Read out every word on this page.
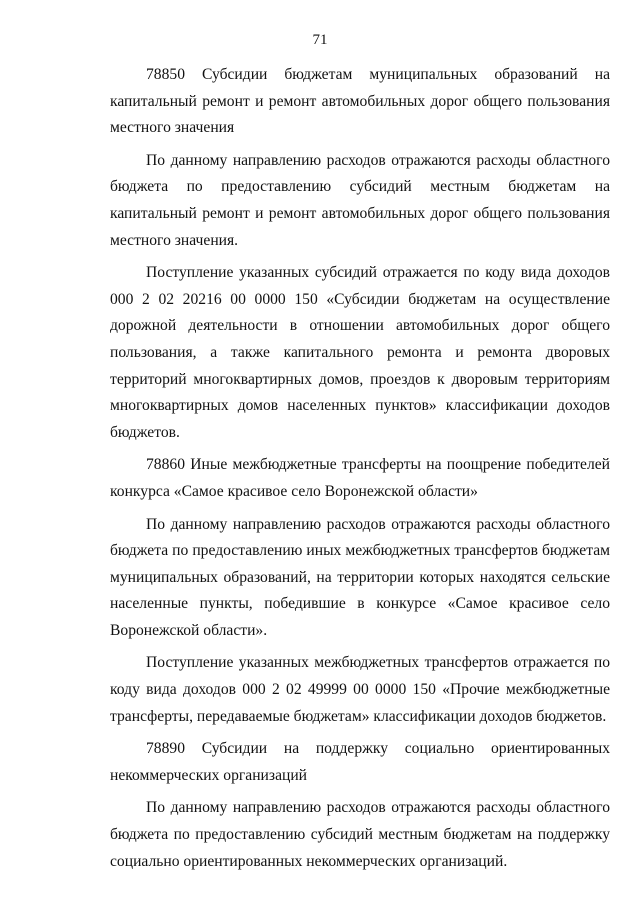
71

78850 Субсидии бюджетам муниципальных образований на капитальный ремонт и ремонт автомобильных дорог общего пользования местного значения

По данному направлению расходов отражаются расходы областного бюджета по предоставлению субсидий местным бюджетам на капитальный ремонт и ремонт автомобильных дорог общего пользования местного значения.

Поступление указанных субсидий отражается по коду вида доходов 000 2 02 20216 00 0000 150 «Субсидии бюджетам на осуществление дорожной деятельности в отношении автомобильных дорог общего пользования, а также капитального ремонта и ремонта дворовых территорий многоквартирных домов, проездов к дворовым территориям многоквартирных домов населенных пунктов» классификации доходов бюджетов.

78860 Иные межбюджетные трансферты на поощрение победителей конкурса «Самое красивое село Воронежской области»

По данному направлению расходов отражаются расходы областного бюджета по предоставлению иных межбюджетных трансфертов бюджетам муниципальных образований, на территории которых находятся сельские населенные пункты, победившие в конкурсе «Самое красивое село Воронежской области».

Поступление указанных межбюджетных трансфертов отражается по коду вида доходов 000 2 02 49999 00 0000 150 «Прочие межбюджетные трансферты, передаваемые бюджетам» классификации доходов бюджетов.

78890 Субсидии на поддержку социально ориентированных некоммерческих организаций

По данному направлению расходов отражаются расходы областного бюджета по предоставлению субсидий местным бюджетам на поддержку социально ориентированных некоммерческих организаций.
